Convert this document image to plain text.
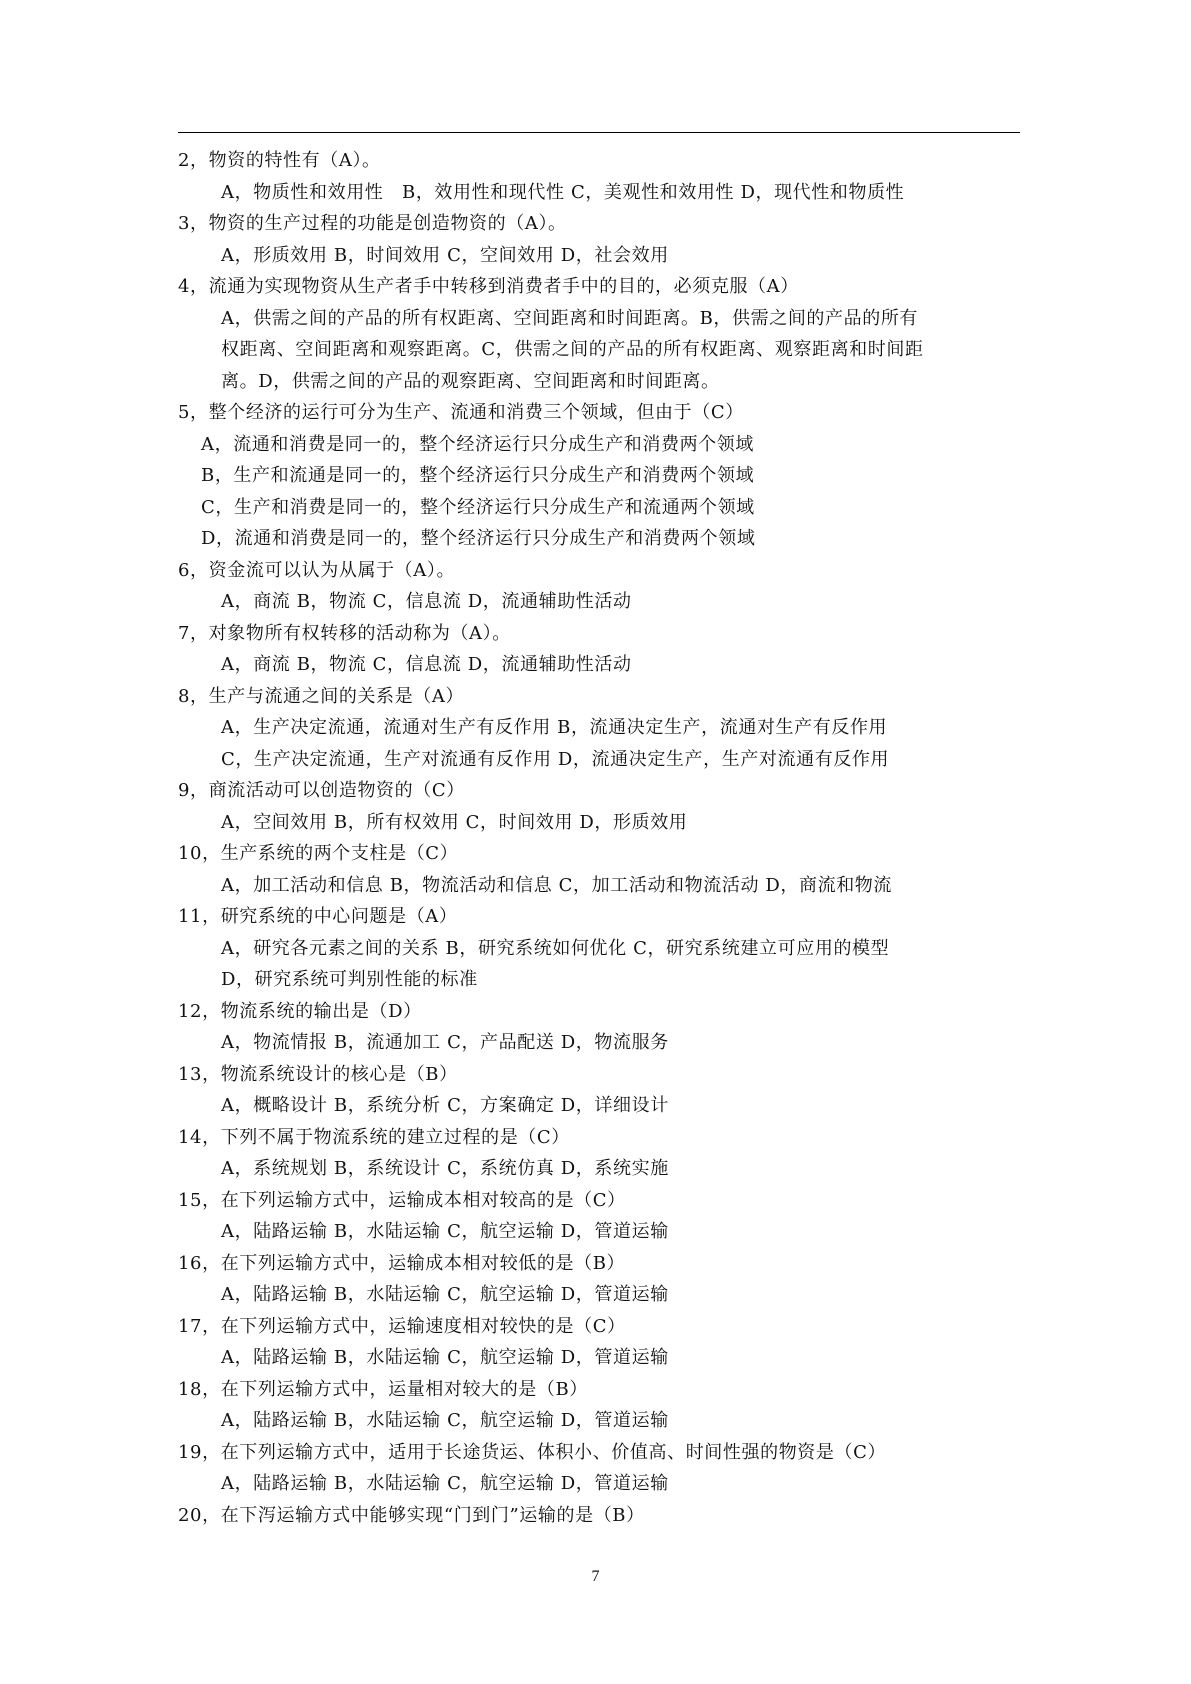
2，物资的特性有（A）。
A，物质性和效用性　B，效用性和现代性 C，美观性和效用性 D，现代性和物质性
3，物资的生产过程的功能是创造物资的（A）。
A，形质效用 B，时间效用 C，空间效用 D，社会效用
4，流通为实现物资从生产者手中转移到消费者手中的目的，必须克服（A）
A，供需之间的产品的所有权距离、空间距离和时间距离。B，供需之间的产品的所有
权距离、空间距离和观察距离。C，供需之间的产品的所有权距离、观察距离和时间距
离。D，供需之间的产品的观察距离、空间距离和时间距离。
5，整个经济的运行可分为生产、流通和消费三个领域，但由于（C）
A，流通和消费是同一的，整个经济运行只分成生产和消费两个领域
B，生产和流通是同一的，整个经济运行只分成生产和消费两个领域
C，生产和消费是同一的，整个经济运行只分成生产和流通两个领域
D，流通和消费是同一的，整个经济运行只分成生产和消费两个领域
6，资金流可以认为从属于（A）。
A，商流 B，物流 C，信息流 D，流通辅助性活动
7，对象物所有权转移的活动称为（A）。
A，商流 B，物流 C，信息流 D，流通辅助性活动
8，生产与流通之间的关系是（A）
A，生产决定流通，流通对生产有反作用 B，流通决定生产，流通对生产有反作用
C，生产决定流通，生产对流通有反作用 D，流通决定生产，生产对流通有反作用
9，商流活动可以创造物资的（C）
A，空间效用 B，所有权效用 C，时间效用 D，形质效用
10，生产系统的两个支柱是（C）
A，加工活动和信息 B，物流活动和信息 C，加工活动和物流活动 D，商流和物流
11，研究系统的中心问题是（A）
A，研究各元素之间的关系 B，研究系统如何优化 C，研究系统建立可应用的模型
D，研究系统可判别性能的标准
12，物流系统的输出是（D）
A，物流情报 B，流通加工 C，产品配送 D，物流服务
13，物流系统设计的核心是（B）
A，概略设计 B，系统分析 C，方案确定 D，详细设计
14，下列不属于物流系统的建立过程的是（C）
A，系统规划 B，系统设计 C，系统仿真 D，系统实施
15，在下列运输方式中，运输成本相对较高的是（C）
A，陆路运输 B，水陆运输 C，航空运输 D，管道运输
16，在下列运输方式中，运输成本相对较低的是（B）
A，陆路运输 B，水陆运输 C，航空运输 D，管道运输
17，在下列运输方式中，运输速度相对较快的是（C）
A，陆路运输 B，水陆运输 C，航空运输 D，管道运输
18，在下列运输方式中，运量相对较大的是（B）
A，陆路运输 B，水陆运输 C，航空运输 D，管道运输
19，在下列运输方式中，适用于长途货运、体积小、价值高、时间性强的物资是（C）
A，陆路运输 B，水陆运输 C，航空运输 D，管道运输
20，在下泻运输方式中能够实现“门到门”运输的是（B）
7
